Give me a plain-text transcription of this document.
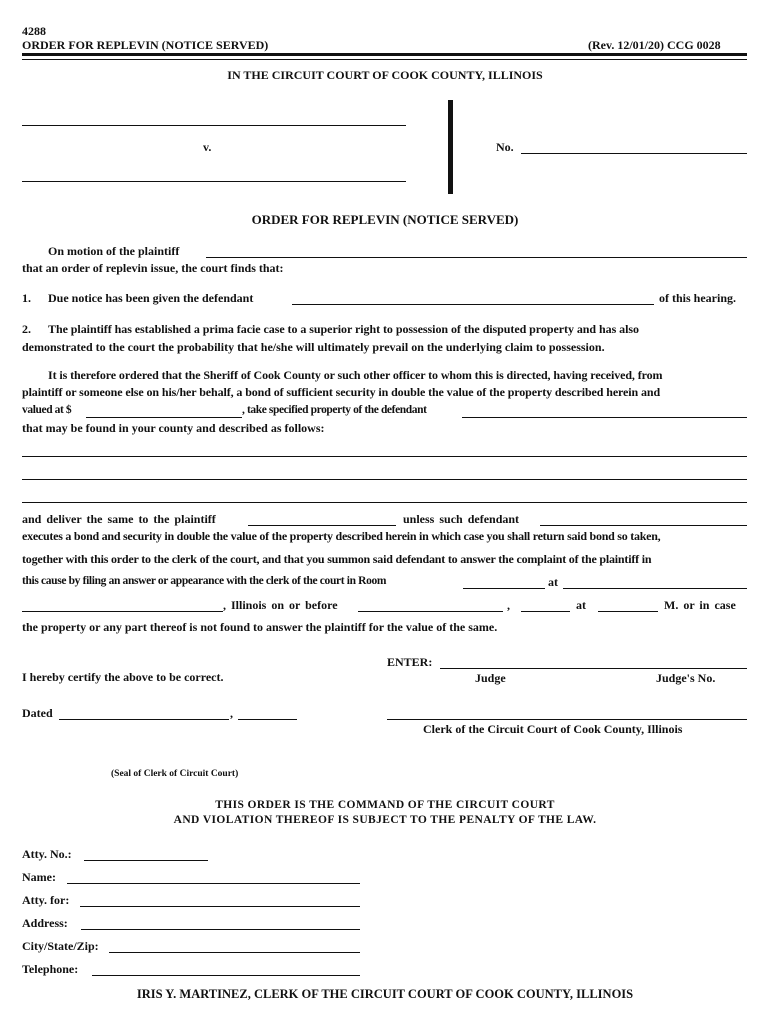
4288
ORDER FOR REPLEVIN (NOTICE SERVED)	(Rev. 12/01/20) CCG 0028
IN THE CIRCUIT COURT OF COOK COUNTY, ILLINOIS
v.	No.
ORDER FOR REPLEVIN (NOTICE SERVED)
On motion of the plaintiff
that an order of replevin issue, the court finds that:
1. Due notice has been given the defendant	of this hearing.
2. The plaintiff has established a prima facie case to a superior right to possession of the disputed property and has also
demonstrated to the court the probability that he/she will ultimately prevail on the underlying claim to possession.
It is therefore ordered that the Sheriff of Cook County or such other officer to whom this is directed, having received, from
plaintiff or someone else on his/her behalf, a bond of sufficient security in double the value of the property described herein and
valued at $	, take specified property of the defendant
that may be found in your county and described as follows:
and deliver the same to the plaintiff	unless such defendant
executes a bond and security in double the value of the property described herein in which case you shall return said bond so taken,
together with this order to the clerk of the court, and that you summon said defendant to answer the complaint of the plaintiff in
this cause by filing an answer or appearance with the clerk of the court in Room	at
, Illinois on or before	,	at	M. or in case
the property or any part thereof is not found to answer the plaintiff for the value of the same.
ENTER:
Judge	Judge's No.
I hereby certify the above to be correct.
Dated	,
Clerk of the Circuit Court of Cook County, Illinois
(Seal of Clerk of Circuit Court)
THIS ORDER IS THE COMMAND OF THE CIRCUIT COURT
AND VIOLATION THEREOF IS SUBJECT TO THE PENALTY OF THE LAW.
Atty. No.:
Name:
Atty. for:
Address:
City/State/Zip:
Telephone:
IRIS Y. MARTINEZ, CLERK OF THE CIRCUIT COURT OF COOK COUNTY, ILLINOIS
